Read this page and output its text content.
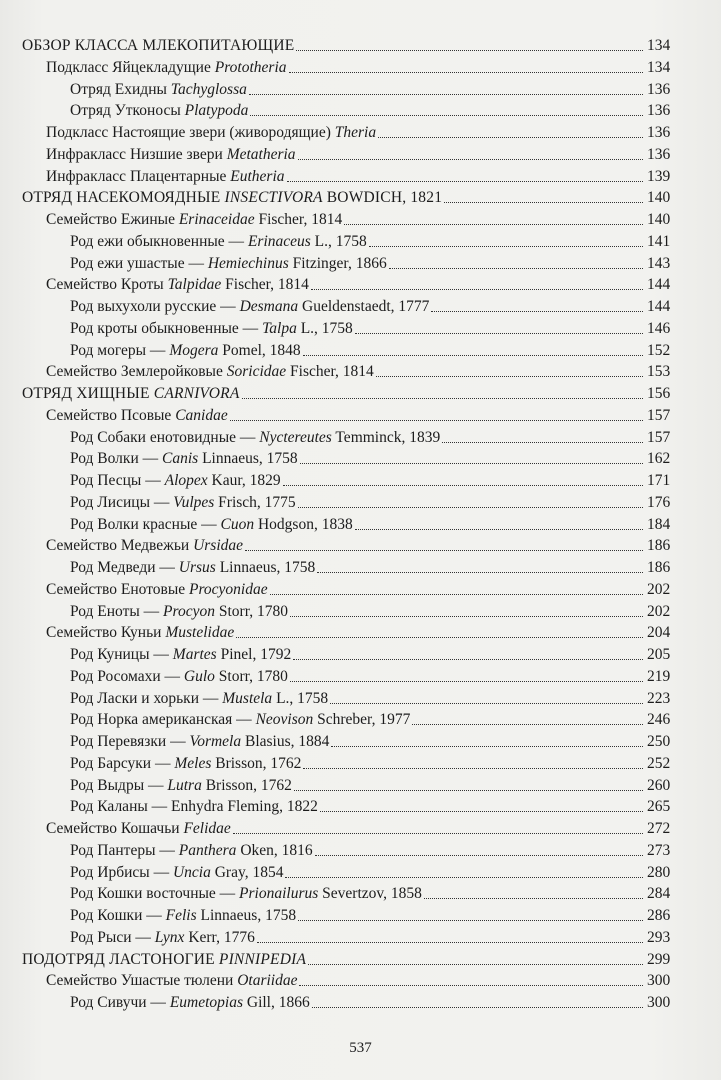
ОБЗОР КЛАССА МЛЕКОПИТАЮЩИЕ	134
Подкласс Яйцекладущие Prototheria	134
Отряд Ехидны Tachyglossa	136
Отряд Утконосы Platypoda	136
Подкласс Настоящие звери (живородящие) Theria	136
Инфракласс Низшие звери Metatheria	136
Инфракласс Плацентарные Eutheria	139
ОТРЯД НАСЕКОМОЯДНЫЕ INSECTIVORA BOWDICH, 1821	140
Семейство Ежиные Erinaceidae Fischer, 1814	140
Род ежи обыкновенные — Erinaceus L., 1758	141
Род ежи ушастые — Hemiechinus Fitzinger, 1866	143
Семейство Кроты Talpidae Fischer, 1814	144
Род выхухоли русские — Desmana Gueldenstaedt, 1777	144
Род кроты обыкновенные — Talpa L., 1758	146
Род могеры — Mogera Pomel, 1848	152
Семейство Землеройковые Soricidae Fischer, 1814	153
ОТРЯД ХИЩНЫЕ CARNIVORA	156
Семейство Псовые Canidae	157
Род Собаки енотовидные — Nyctereutes Temminck, 1839	157
Род Волки — Canis Linnaeus, 1758	162
Род Песцы — Alopex Kaur, 1829	171
Род Лисицы — Vulpes Frisch, 1775	176
Род Волки красные — Cuon Hodgson, 1838	184
Семейство Медвежьи Ursidae	186
Род Медведи — Ursus Linnaeus, 1758	186
Семейство Енотовые Procyonidae	202
Род Еноты — Procyon Storr, 1780	202
Семейство Куньи Mustelidae	204
Род Куницы — Martes Pinel, 1792	205
Род Росомахи — Gulo Storr, 1780	219
Род Ласки и хорьки — Mustela L., 1758	223
Род Норка американская — Neovison Schreber, 1977	246
Род Перевязки — Vormela Blasius, 1884	250
Род Барсуки — Meles Brisson, 1762	252
Род Выдры — Lutra Brisson, 1762	260
Род Каланы — Enhydra Fleming, 1822	265
Семейство Кошачьи Felidae	272
Род Пантеры — Panthera Oken, 1816	273
Род Ирбисы — Uncia Gray, 1854	280
Род Кошки восточные — Prionailurus Severtzov, 1858	284
Род Кошки — Felis Linnaeus, 1758	286
Род Рыси — Lynx Kerr, 1776	293
ПОДОТРЯД ЛАСТОНОГИЕ PINNIPEDIA	299
Семейство Ушастые тюлени Otariidae	300
Род Сивучи — Eumetopias Gill, 1866	300
537
